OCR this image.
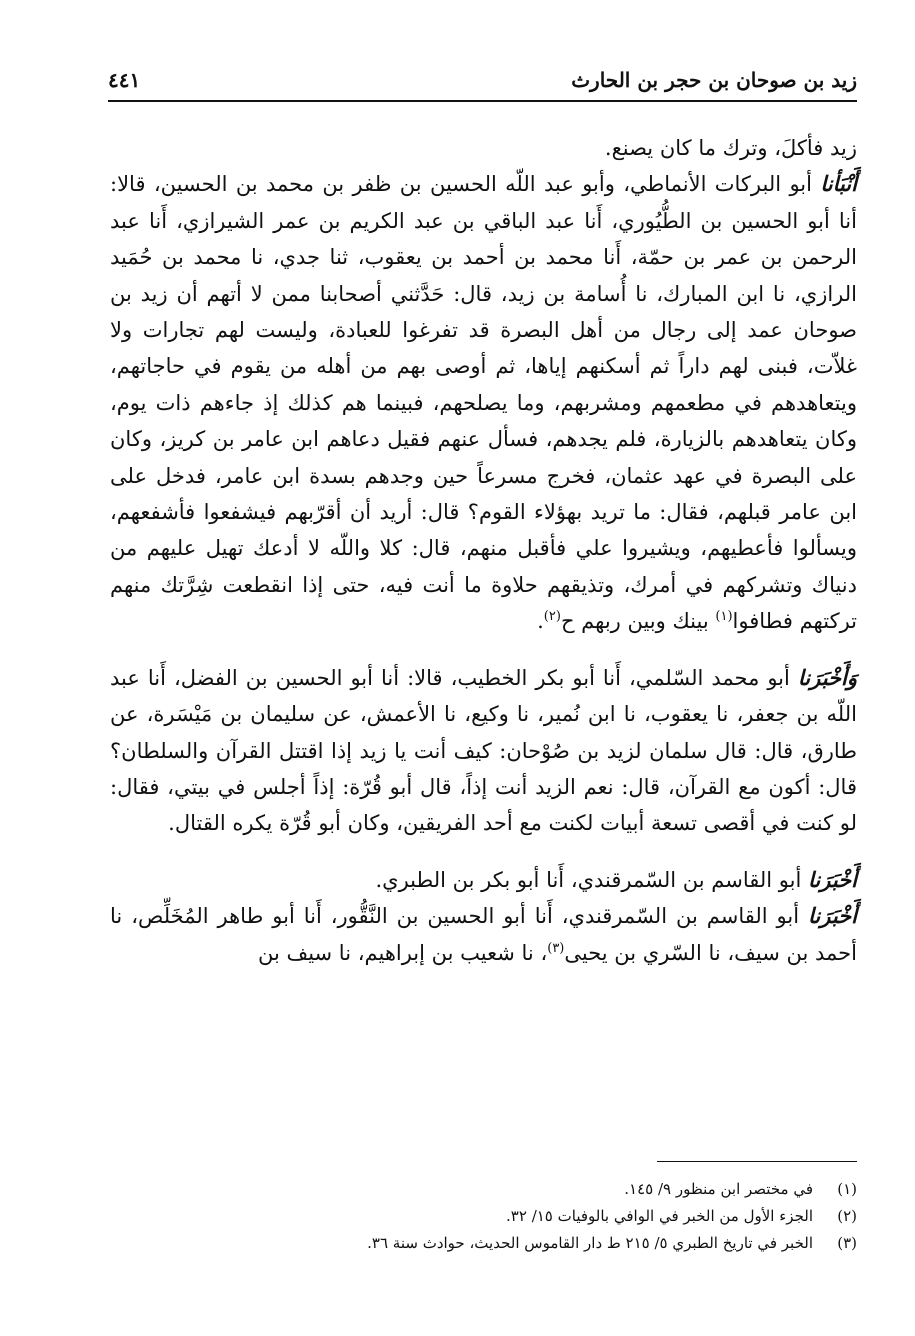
زيد بن صوحان بن حجر بن الحارث
٤٤١

زيد فأكلَ، وترك ما كان يصنع.

أَنْبَأنا أبو البركات الأنماطي، وأبو عبد اللّه الحسين بن ظفر بن محمد بن الحسين، قالا: أنا أبو الحسين بن الطُّيُوري، أَنا عبد الباقي بن عبد الكريم بن عمر الشيرازي، أَنا عبد الرحمن بن عمر بن حمّة، أَنا محمد بن أحمد بن يعقوب، ثنا جدي، نا محمد بن حُمَيد الرازي، نا ابن المبارك، نا أُسامة بن زيد، قال: حَدَّثني أصحابنا ممن لا أتهم أن زيد بن صوحان عمد إلى رجال من أهل البصرة قد تفرغوا للعبادة، وليست لهم تجارات ولا غلاّت، فبنى لهم داراً ثم أسكنهم إياها، ثم أوصى بهم من أهله من يقوم في حاجاتهم، ويتعاهدهم في مطعمهم ومشربهم، وما يصلحهم، فبينما هم كذلك إذ جاءهم ذات يوم، وكان يتعاهدهم بالزيارة، فلم يجدهم، فسأل عنهم فقيل دعاهم ابن عامر بن كريز، وكان على البصرة في عهد عثمان، فخرج مسرعاً حين وجدهم بسدة ابن عامر، فدخل على ابن عامر قبلهم، فقال: ما تريد بهؤلاء القوم؟ قال: أريد أن أقرّبهم فيشفعوا فأشفعهم، ويسألوا فأعطيهم، ويشيروا علي فأقبل منهم، قال: كلا واللّه لا أدعك تهيل عليهم من دنياك وتشركهم في أمرك، وتذيقهم حلاوة ما أنت فيه، حتى إذا انقطعت شِرَّتك منهم تركتهم فطافوا$^{(١)}$ بينك وبين ربهم ح$^{(٢)}$.

وَأَخْبَرَنا أبو محمد السّلمي، أَنا أبو بكر الخطيب، قالا: أنا أبو الحسين بن الفضل، أَنا عبد اللّه بن جعفر، نا يعقوب، نا ابن نُمير، نا وكيع، نا الأعمش، عن سليمان بن مَيْسَرة، عن طارق، قال: قال سلمان لزيد بن صُوْحان: كيف أنت يا زيد إذا اقتتل القرآن والسلطان؟ قال: أكون مع القرآن، قال: نعم الزيد أنت إذاً، قال أبو قُرّة: إذاً أجلس في بيتي، فقال: لو كنت في أقصى تسعة أبيات لكنت مع أحد الفريقين، وكان أبو قُرّة يكره القتال.

أَخْبَرَنا أبو القاسم بن السّمرقندي، أَنا أبو بكر بن الطبري.

أَخْبَرَنا أبو القاسم بن السّمرقندي، أَنا أبو الحسين بن النَّقُّور، أَنا أبو طاهر المُخَلِّص، نا أحمد بن سيف، نا السّري بن يحيى$^{(٣)}$، نا شعيب بن إبراهيم، نا سيف بن

(١)
في مختصر ابن منظور ٩/ ١٤٥.
(٢)
الجزء الأول من الخبر في الوافي بالوفيات ١٥/ ٣٢.
(٣)
الخبر في تاريخ الطبري ٥/ ٢١٥ ط دار القاموس الحديث، حوادث سنة ٣٦.
